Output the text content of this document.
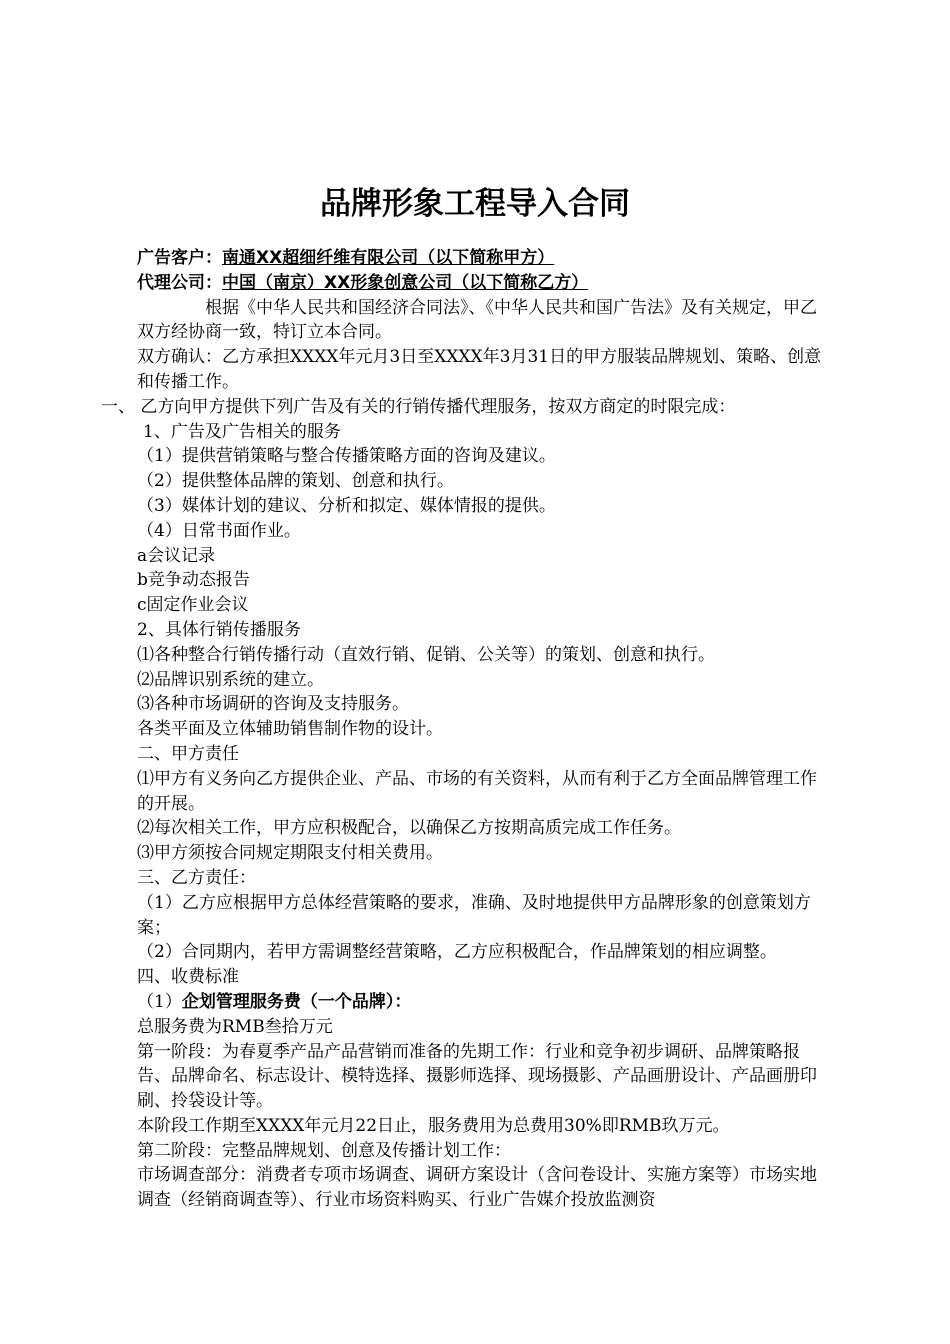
品牌形象工程导入合同

广告客户：南通XX超细纤维有限公司（以下简称甲方）

代理公司：中国（南京）XX形象创意公司（以下简称乙方）

根据《中华人民共和国经济合同法》、《中华人民共和国广告法》及有关规定，甲乙双方经协商一致，特订立本合同。

双方确认：乙方承担XXXX年元月3日至XXXX年3月31日的甲方服装品牌规划、策略、创意和传播工作。

一、 乙方向甲方提供下列广告及有关的行销传播代理服务，按双方商定的时限完成：

1、广告及广告相关的服务

（1）提供营销策略与整合传播策略方面的咨询及建议。

（2）提供整体品牌的策划、创意和执行。

（3）媒体计划的建议、分析和拟定、媒体情报的提供。

（4）日常书面作业。

a会议记录

b竞争动态报告

c固定作业会议

2、具体行销传播服务

⑴各种整合行销传播行动（直效行销、促销、公关等）的策划、创意和执行。

⑵品牌识别系统的建立。

⑶各种市场调研的咨询及支持服务。

各类平面及立体辅助销售制作物的设计。

二、甲方责任

⑴甲方有义务向乙方提供企业、产品、市场的有关资料，从而有利于乙方全面品牌管理工作的开展。

⑵每次相关工作，甲方应积极配合，以确保乙方按期高质完成工作任务。

⑶甲方须按合同规定期限支付相关费用。

三、乙方责任：

（1）乙方应根据甲方总体经营策略的要求，准确、及时地提供甲方品牌形象的创意策划方案；

（2）合同期内，若甲方需调整经营策略，乙方应积极配合，作品牌策划的相应调整。

四、收费标准

（1）企划管理服务费（一个品牌）：

总服务费为RMB叁拾万元

第一阶段：为春夏季产品产品营销而准备的先期工作：行业和竞争初步调研、品牌策略报告、品牌命名、标志设计、模特选择、摄影师选择、现场摄影、产品画册设计、产品画册印刷、拎袋设计等。

本阶段工作期至XXXX年元月22日止，服务费用为总费用30%即RMB玖万元。

第二阶段：完整品牌规划、创意及传播计划工作：

市场调查部分：消费者专项市场调查、调研方案设计（含问卷设计、实施方案等）市场实地调查（经销商调查等）、行业市场资料购买、行业广告媒介投放监测资
